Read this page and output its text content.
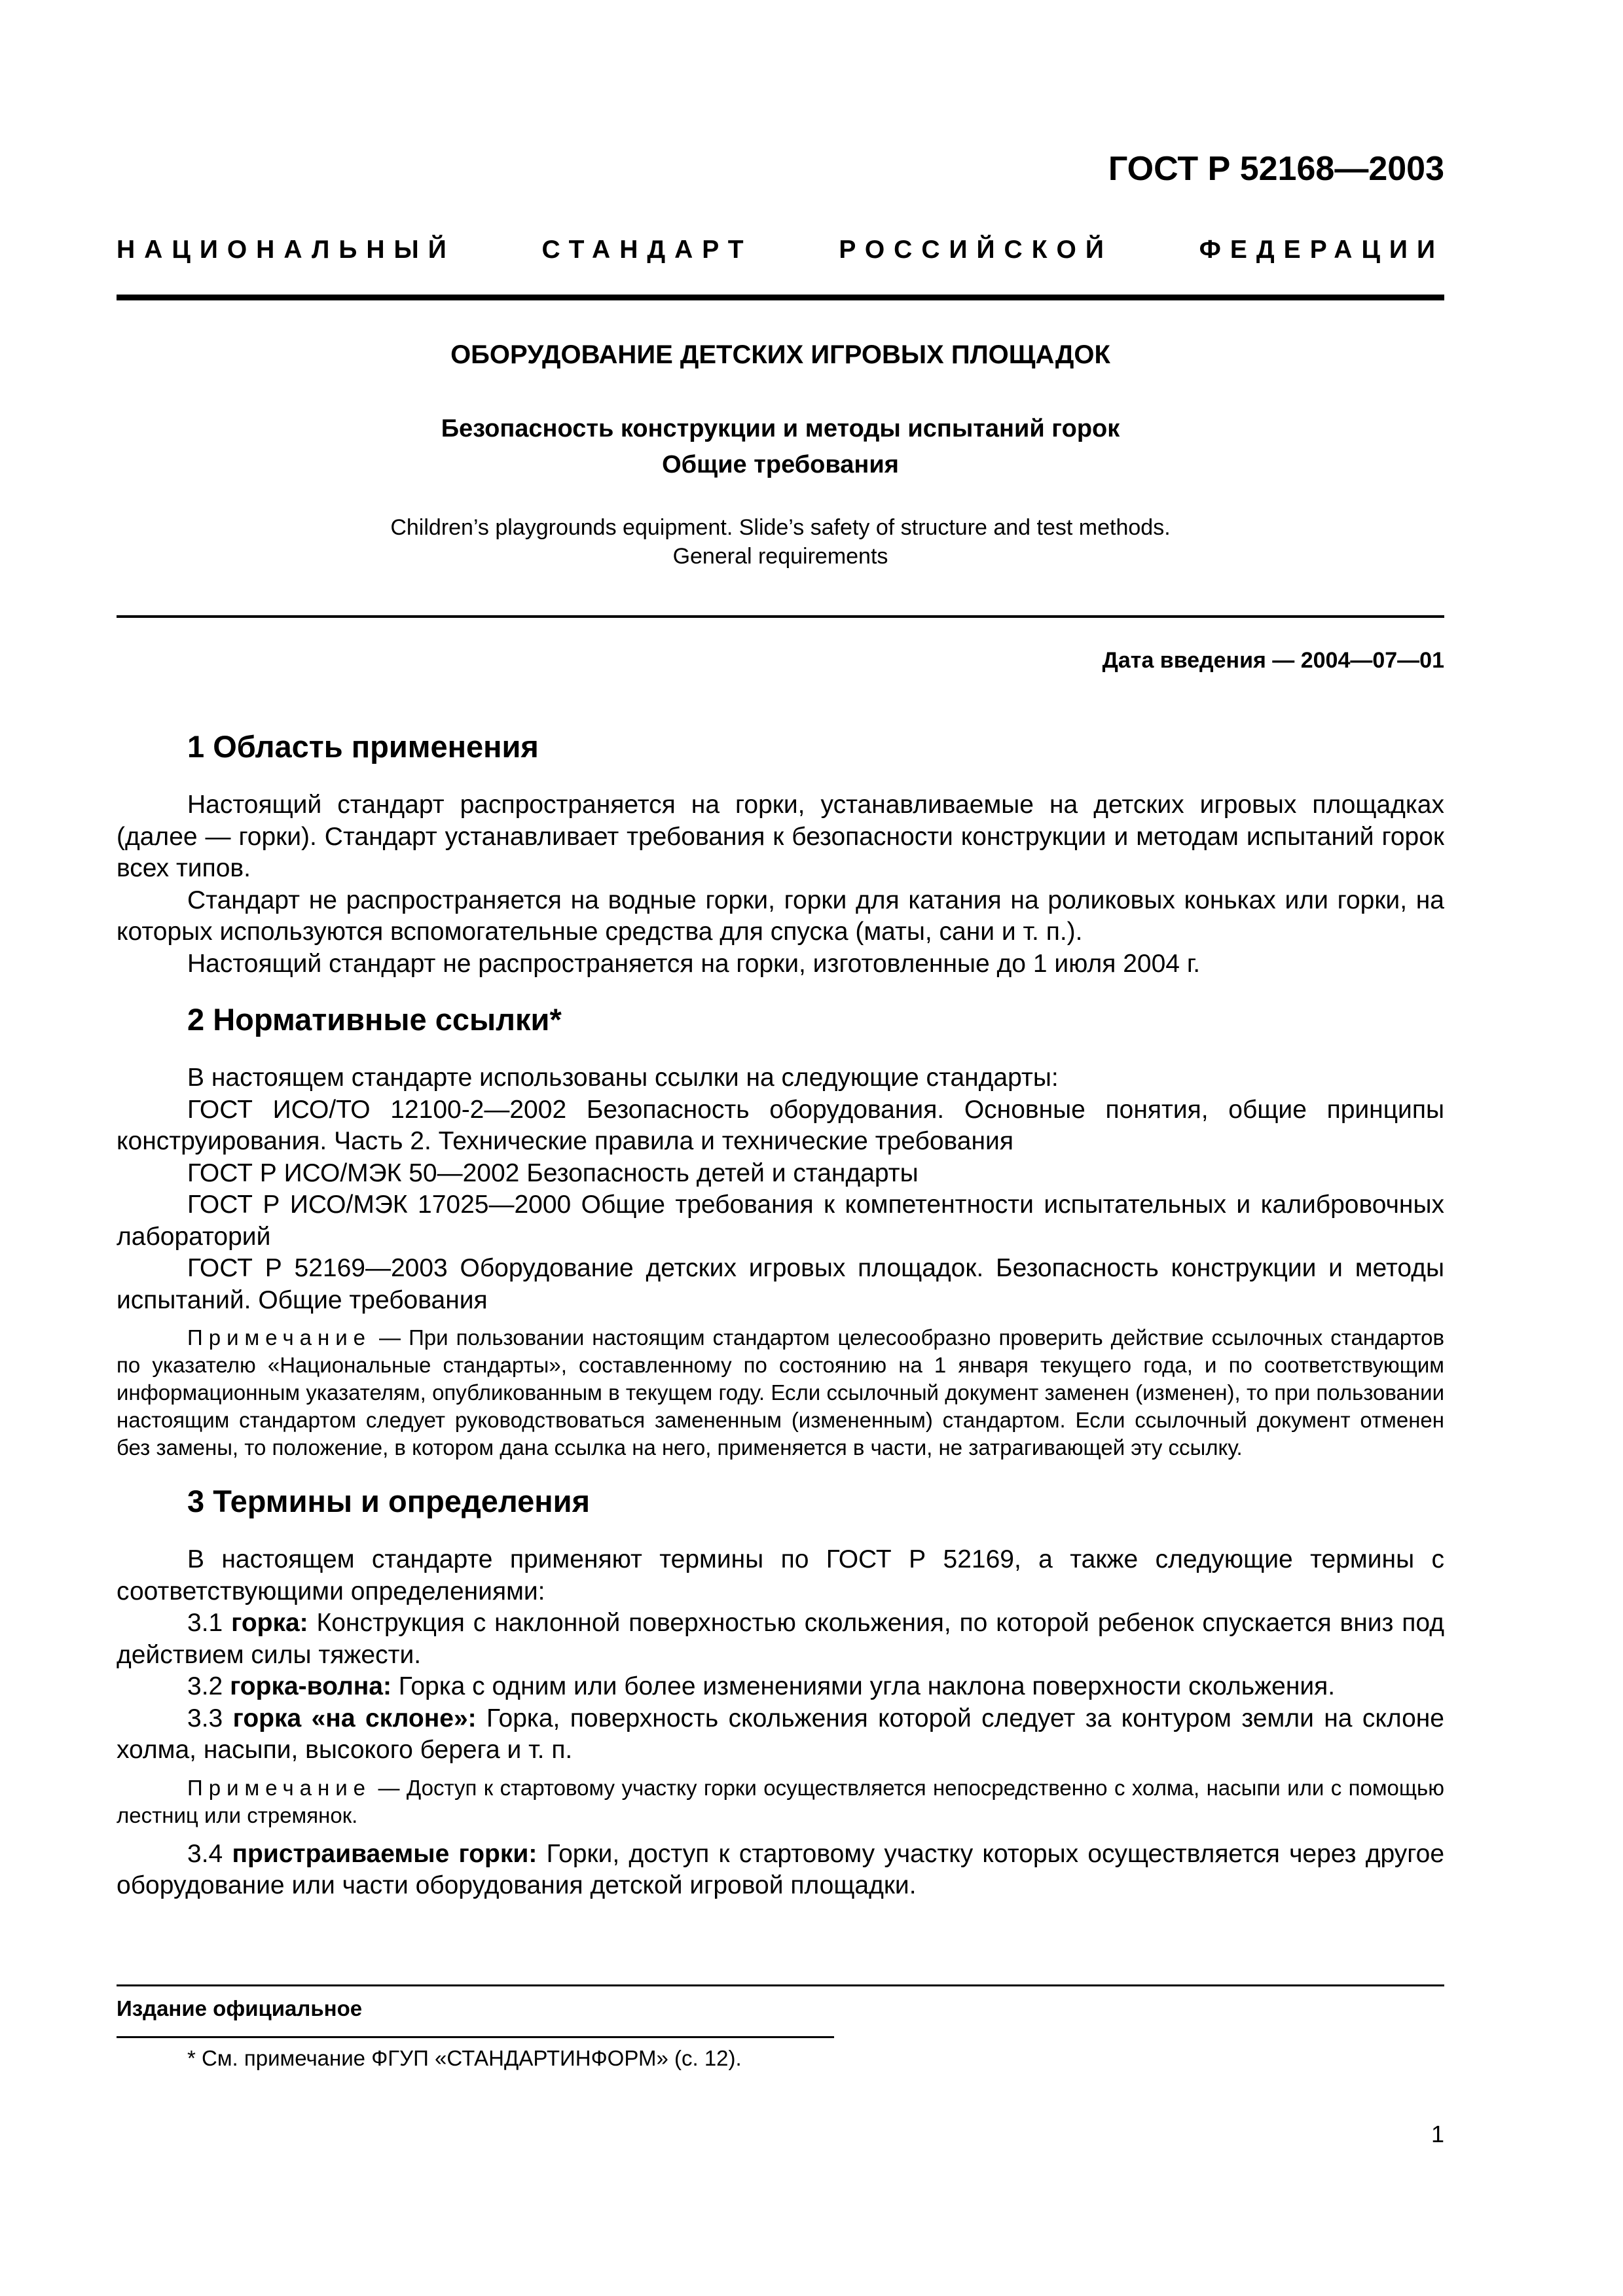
ГОСТ Р 52168—2003
НАЦИОНАЛЬНЫЙ СТАНДАРТ РОССИЙСКОЙ ФЕДЕРАЦИИ
ОБОРУДОВАНИЕ ДЕТСКИХ ИГРОВЫХ ПЛОЩАДОК
Безопасность конструкции и методы испытаний горок
Общие требования
Children’s playgrounds equipment. Slide’s safety of structure and test methods.
General requirements
Дата введения — 2004—07—01
1 Область применения

Настоящий стандарт распространяется на горки, устанавливаемые на детских игровых площадках (далее — горки). Стандарт устанавливает требования к безопасности конструкции и методам испытаний горок всех типов.

Стандарт не распространяется на водные горки, горки для катания на роликовых коньках или горки, на которых используются вспомогательные средства для спуска (маты, сани и т. п.).

Настоящий стандарт не распространяется на горки, изготовленные до 1 июля 2004 г.

2 Нормативные ссылки*

В настоящем стандарте использованы ссылки на следующие стандарты:

ГОСТ ИСО/ТО 12100-2—2002 Безопасность оборудования. Основные понятия, общие принципы конструирования. Часть 2. Технические правила и технические требования

ГОСТ Р ИСО/МЭК 50—2002 Безопасность детей и стандарты

ГОСТ Р ИСО/МЭК 17025—2000 Общие требования к компетентности испытательных и калибровочных лабораторий

ГОСТ Р 52169—2003 Оборудование детских игровых площадок. Безопасность конструкции и методы испытаний. Общие требования

Примечание — При пользовании настоящим стандартом целесообразно проверить действие ссылочных стандартов по указателю «Национальные стандарты», составленному по состоянию на 1 января текущего года, и по соответствующим информационным указателям, опубликованным в текущем году. Если ссылочный документ заменен (изменен), то при пользовании настоящим стандартом следует руководствоваться замененным (измененным) стандартом. Если ссылочный документ отменен без замены, то положение, в котором дана ссылка на него, применяется в части, не затрагивающей эту ссылку.

3 Термины и определения

В настоящем стандарте применяют термины по ГОСТ Р 52169, а также следующие термины с соответствующими определениями:

3.1 горка: Конструкция с наклонной поверхностью скольжения, по которой ребенок спускается вниз под действием силы тяжести.

3.2 горка-волна: Горка с одним или более изменениями угла наклона поверхности скольжения.

3.3 горка «на склоне»: Горка, поверхность скольжения которой следует за контуром земли на склоне холма, насыпи, высокого берега и т. п.

Примечание — Доступ к стартовому участку горки осуществляется непосредственно с холма, насыпи или с помощью лестниц или стремянок.

3.4 пристраиваемые горки: Горки, доступ к стартовому участку которых осуществляется через другое оборудование или части оборудования детской игровой площадки.

Издание официальное
* См. примечание ФГУП «СТАНДАРТИНФОРМ» (с. 12).
1
